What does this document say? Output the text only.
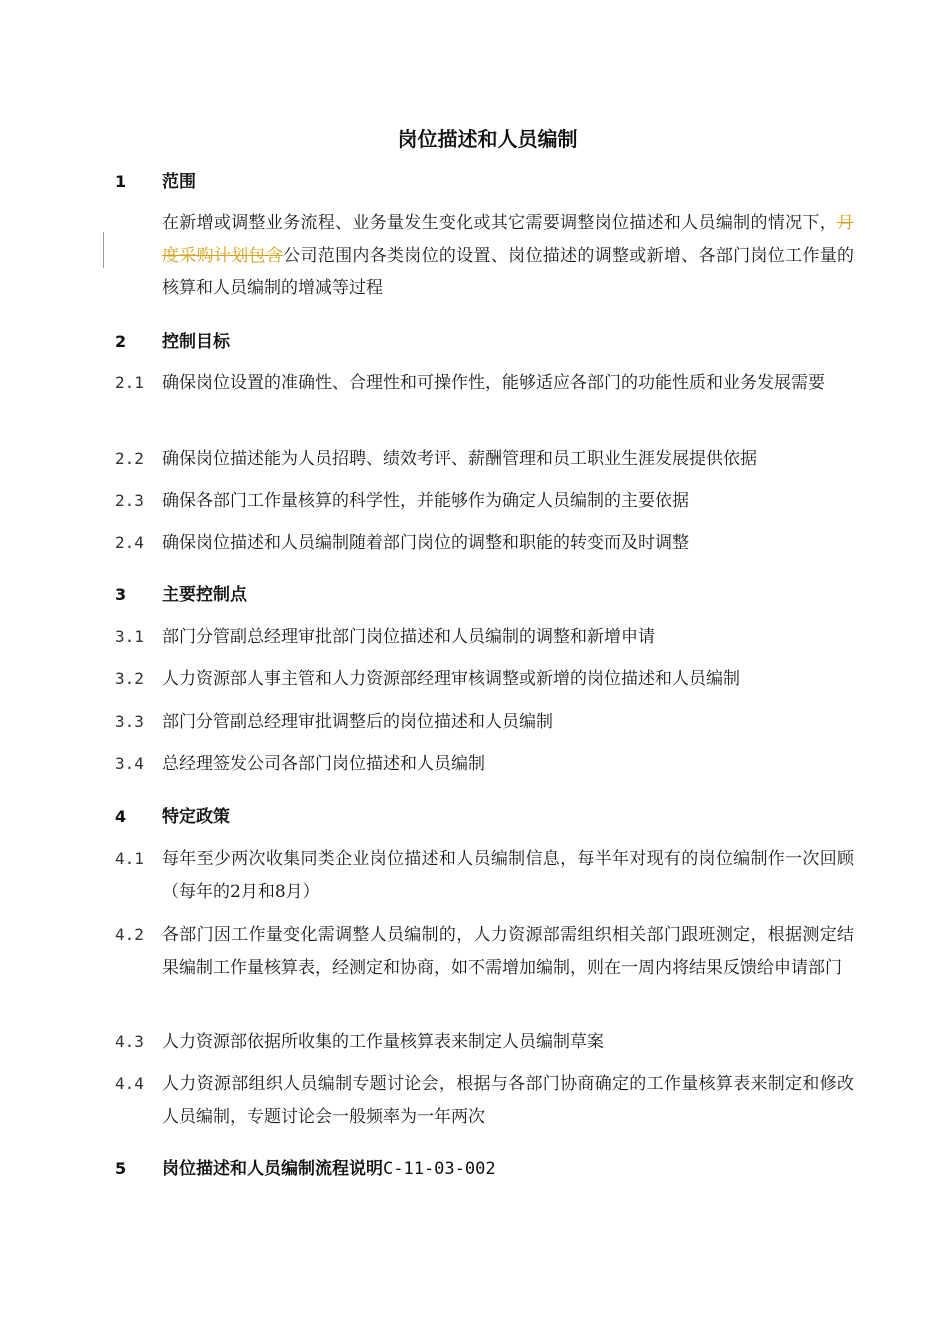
岗位描述和人员编制
1 范围
在新增或调整业务流程、业务量发生变化或其它需要调整岗位描述和人员编制的情况下，月度采购计划包含公司范围内各类岗位的设置、岗位描述的调整或新增、各部门岗位工作量的核算和人员编制的增减等过程
2 控制目标
2.1 确保岗位设置的准确性、合理性和可操作性，能够适应各部门的功能性质和业务发展需要
2.2 确保岗位描述能为人员招聘、绩效考评、薪酬管理和员工职业生涯发展提供依据
2.3 确保各部门工作量核算的科学性，并能够作为确定人员编制的主要依据
2.4 确保岗位描述和人员编制随着部门岗位的调整和职能的转变而及时调整
3 主要控制点
3.1 部门分管副总经理审批部门岗位描述和人员编制的调整和新增申请
3.2 人力资源部人事主管和人力资源部经理审核调整或新增的岗位描述和人员编制
3.3 部门分管副总经理审批调整后的岗位描述和人员编制
3.4 总经理签发公司各部门岗位描述和人员编制
4 特定政策
4.1 每年至少两次收集同类企业岗位描述和人员编制信息，每半年对现有的岗位编制作一次回顾（每年的2月和8月）
4.2 各部门因工作量变化需调整人员编制的，人力资源部需组织相关部门跟班测定，根据测定结果编制工作量核算表，经测定和协商，如不需增加编制，则在一周内将结果反馈给申请部门
4.3 人力资源部依据所收集的工作量核算表来制定人员编制草案
4.4 人力资源部组织人员编制专题讨论会，根据与各部门协商确定的工作量核算表来制定和修改人员编制，专题讨论会一般频率为一年两次
5 岗位描述和人员编制流程说明C-11-03-002
